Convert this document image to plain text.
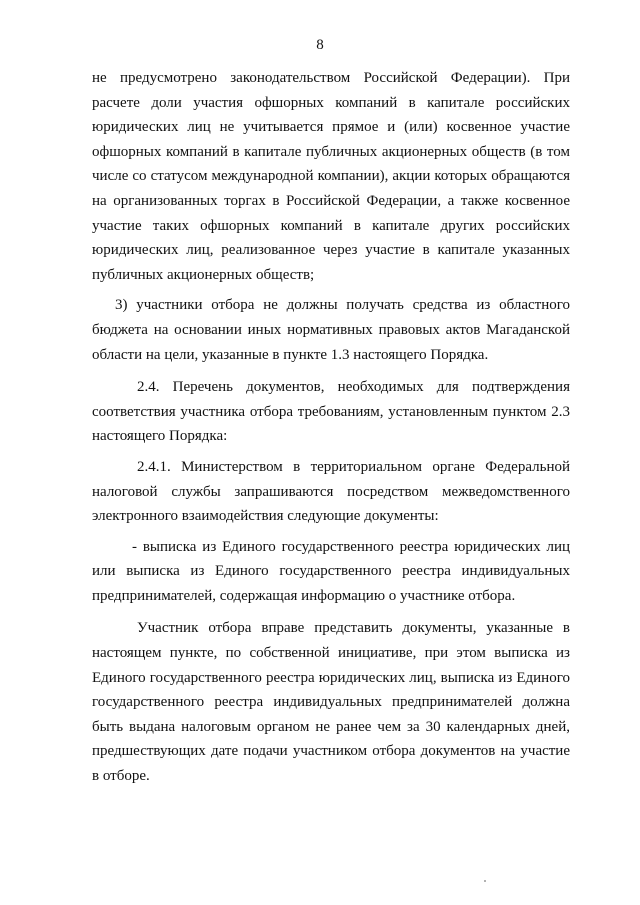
8

не предусмотрено законодательством Российской Федерации). При расчете доли участия офшорных компаний в капитале российских юридических лиц не учитывается прямое и (или) косвенное участие офшорных компаний в капитале публичных акционерных обществ (в том числе со статусом международной компании), акции которых обращаются на организованных торгах в Российской Федерации, а также косвенное участие таких офшорных компаний в капитале других российских юридических лиц, реализованное через участие в капитале указанных публичных акционерных обществ;

3) участники отбора не должны получать средства из областного бюджета на основании иных нормативных правовых актов Магаданской области на цели, указанные в пункте 1.3 настоящего Порядка.

2.4. Перечень документов, необходимых для подтверждения соответствия участника отбора требованиям, установленным пунктом 2.3 настоящего Порядка:

2.4.1. Министерством в территориальном органе Федеральной налоговой службы запрашиваются посредством межведомственного электронного взаимодействия следующие документы:

- выписка из Единого государственного реестра юридических лиц или выписка из Единого государственного реестра индивидуальных предпринимателей, содержащая информацию о участнике отбора.

Участник отбора вправе представить документы, указанные в настоящем пункте, по собственной инициативе, при этом выписка из Единого государственного реестра юридических лиц, выписка из Единого государственного реестра индивидуальных предпринимателей должна быть выдана налоговым органом не ранее чем за 30 календарных дней, предшествующих дате подачи участником отбора документов на участие в отборе.
